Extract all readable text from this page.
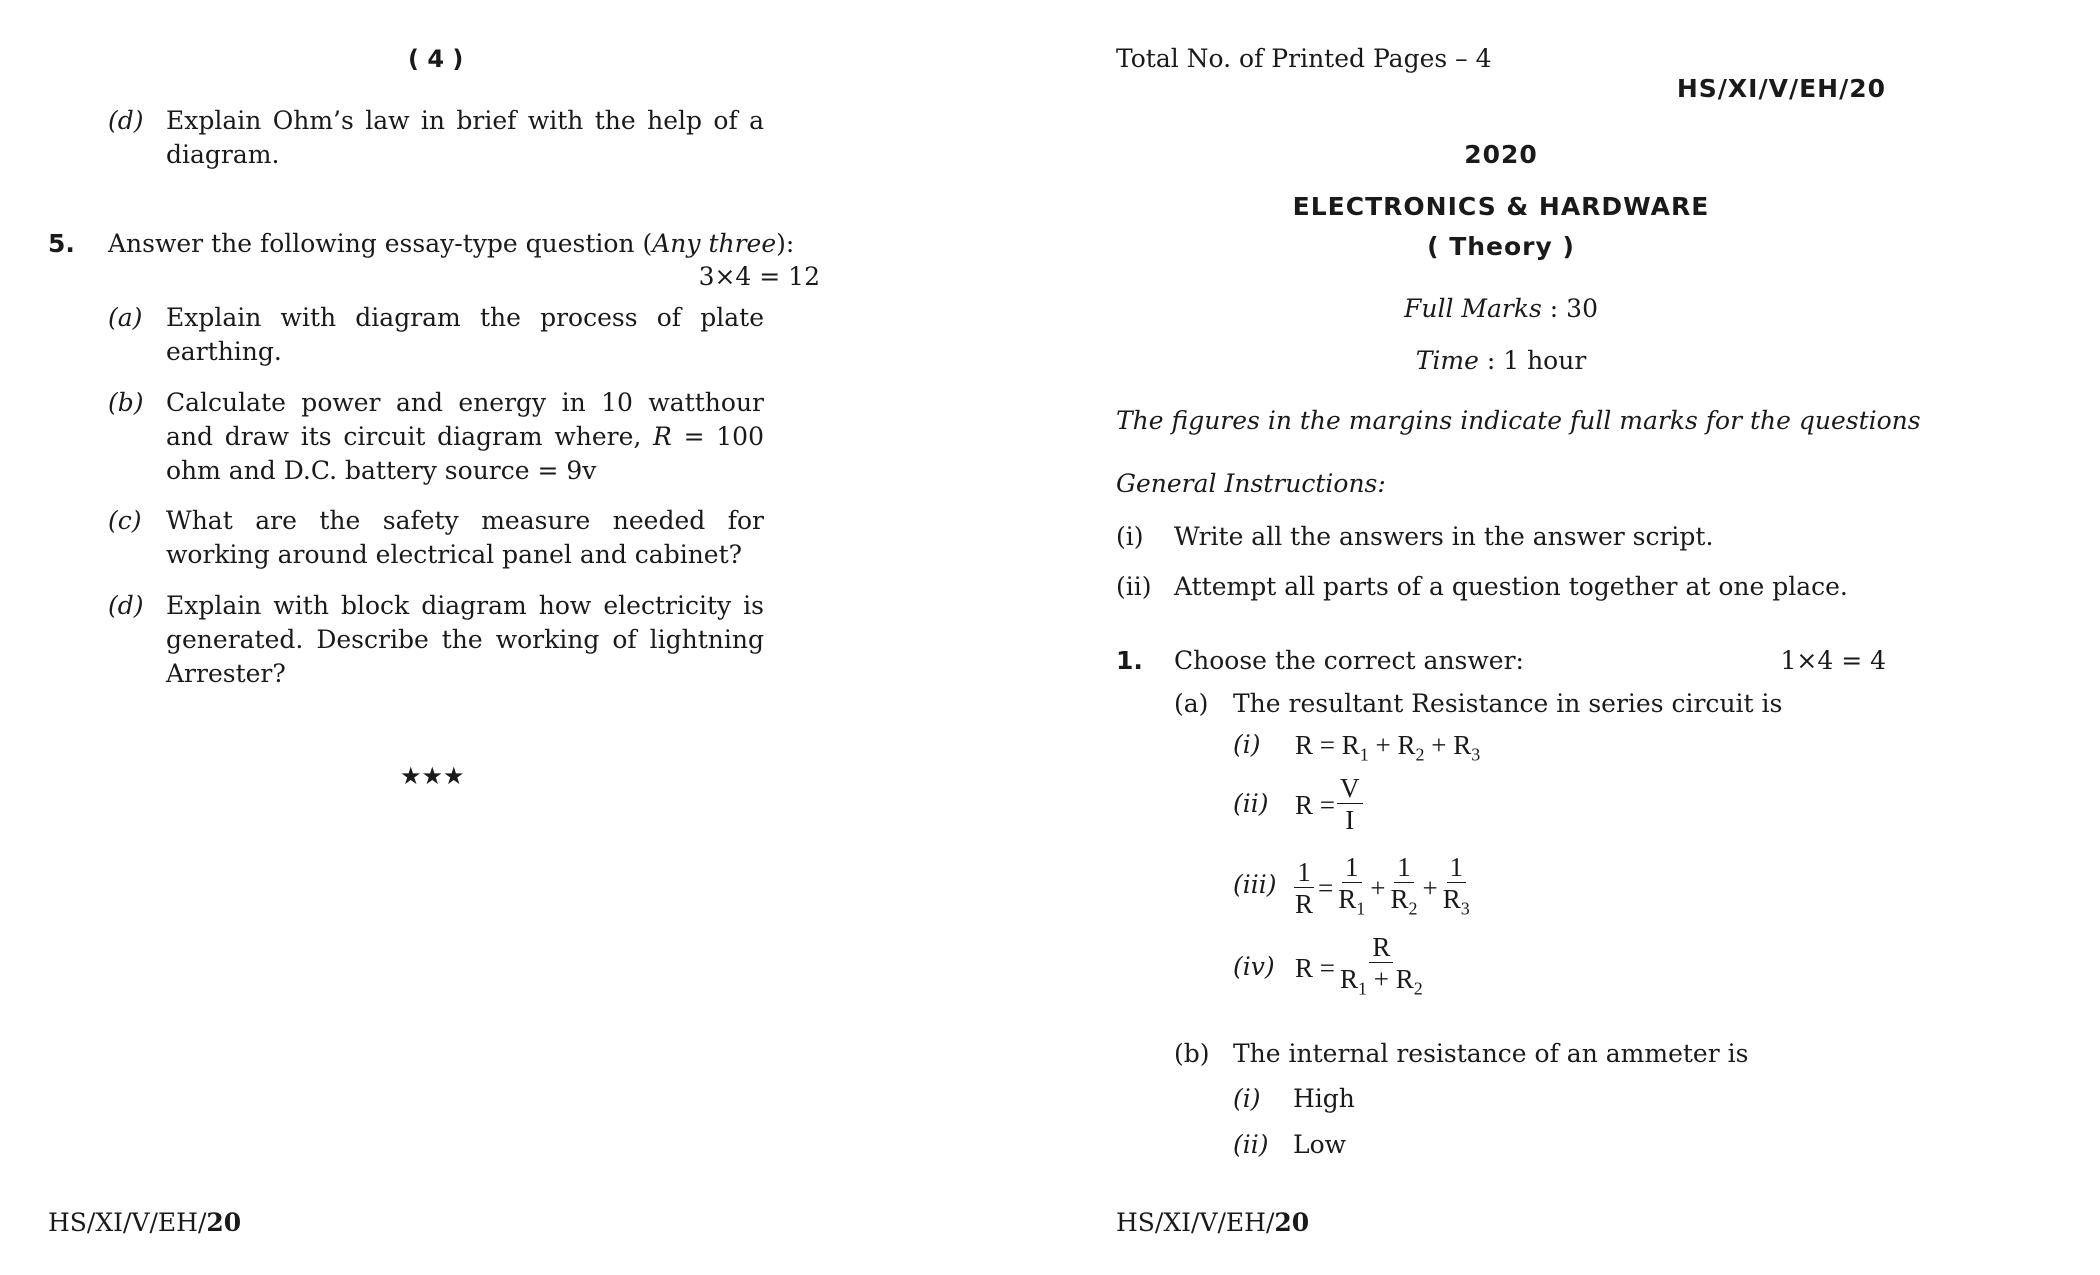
( 4 )
(d) Explain Ohm’s law in brief with the help of a diagram.
5. Answer the following essay-type question (Any three):
3×4 = 12
(a) Explain with diagram the process of plate earthing.
(b) Calculate power and energy in 10 watthour and draw its circuit diagram where, R = 100 ohm and D.C. battery source = 9v
(c) What are the safety measure needed for working around electrical panel and cabinet?
(d) Explain with block diagram how electricity is generated. Describe the working of lightning Arrester?
★★★
HS/XI/V/EH/20
Total No. of Printed Pages – 4
HS/XI/V/EH/20
2020
ELECTRONICS & HARDWARE
( Theory )
Full Marks : 30
Time : 1 hour
The figures in the margins indicate full marks for the questions
General Instructions:
(i) Write all the answers in the answer script.
(ii) Attempt all parts of a question together at one place.
1. Choose the correct answer:	1×4 = 4
(a) The resultant Resistance in series circuit is
(i) $R = R_1 + R_2 + R_3$
(ii) $R = \frac{V}{I}$
$(iii) \frac{1}{R} = \frac{1}{R_1} + \frac{1}{R_2} + \frac{1}{R_3}$
(iv) $R = \frac{R}{R_1 + R_2}$
(b) The internal resistance of an ammeter is
(i) High
(ii) Low
HS/XI/V/EH/20
